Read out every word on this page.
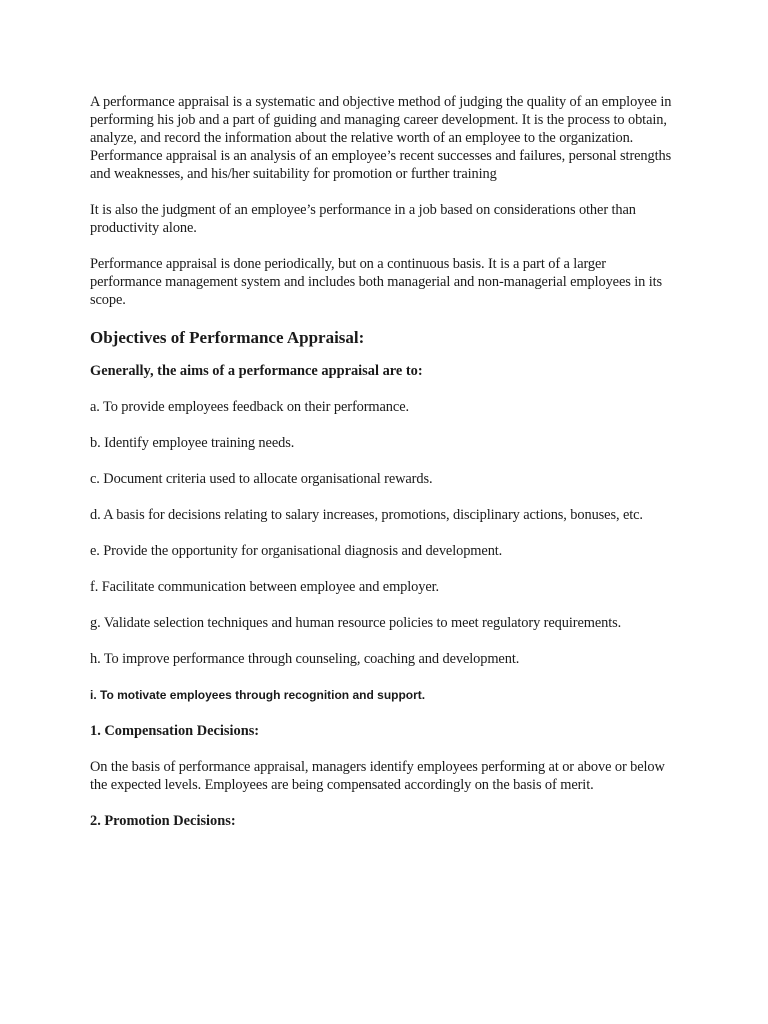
A performance appraisal is a systematic and objective method of judging the quality of an employee in performing his job and a part of guiding and managing career development. It is the process to obtain, analyze, and record the information about the relative worth of an employee to the organization. Performance appraisal is an analysis of an employee’s recent successes and failures, personal strengths and weaknesses, and his/her suitability for promotion or further training

It is also the judgment of an employee’s performance in a job based on considerations other than productivity alone.

Performance appraisal is done periodically, but on a continuous basis. It is a part of a larger performance management system and includes both managerial and non-managerial employees in its scope.

Objectives of Performance Appraisal:

Generally, the aims of a performance appraisal are to:

a. To provide employees feedback on their performance.

b. Identify employee training needs.

c. Document criteria used to allocate organisational rewards.

d. A basis for decisions relating to salary increases, promotions, disciplinary actions, bonuses, etc.

e. Provide the opportunity for organisational diagnosis and development.

f. Facilitate communication between employee and employer.

g. Validate selection techniques and human resource policies to meet regulatory requirements.

h. To improve performance through counseling, coaching and development.

i. To motivate employees through recognition and support.

1. Compensation Decisions:

On the basis of performance appraisal, managers identify employees performing at or above or below the expected levels. Employees are being compensated accordingly on the basis of merit.

2. Promotion Decisions:
